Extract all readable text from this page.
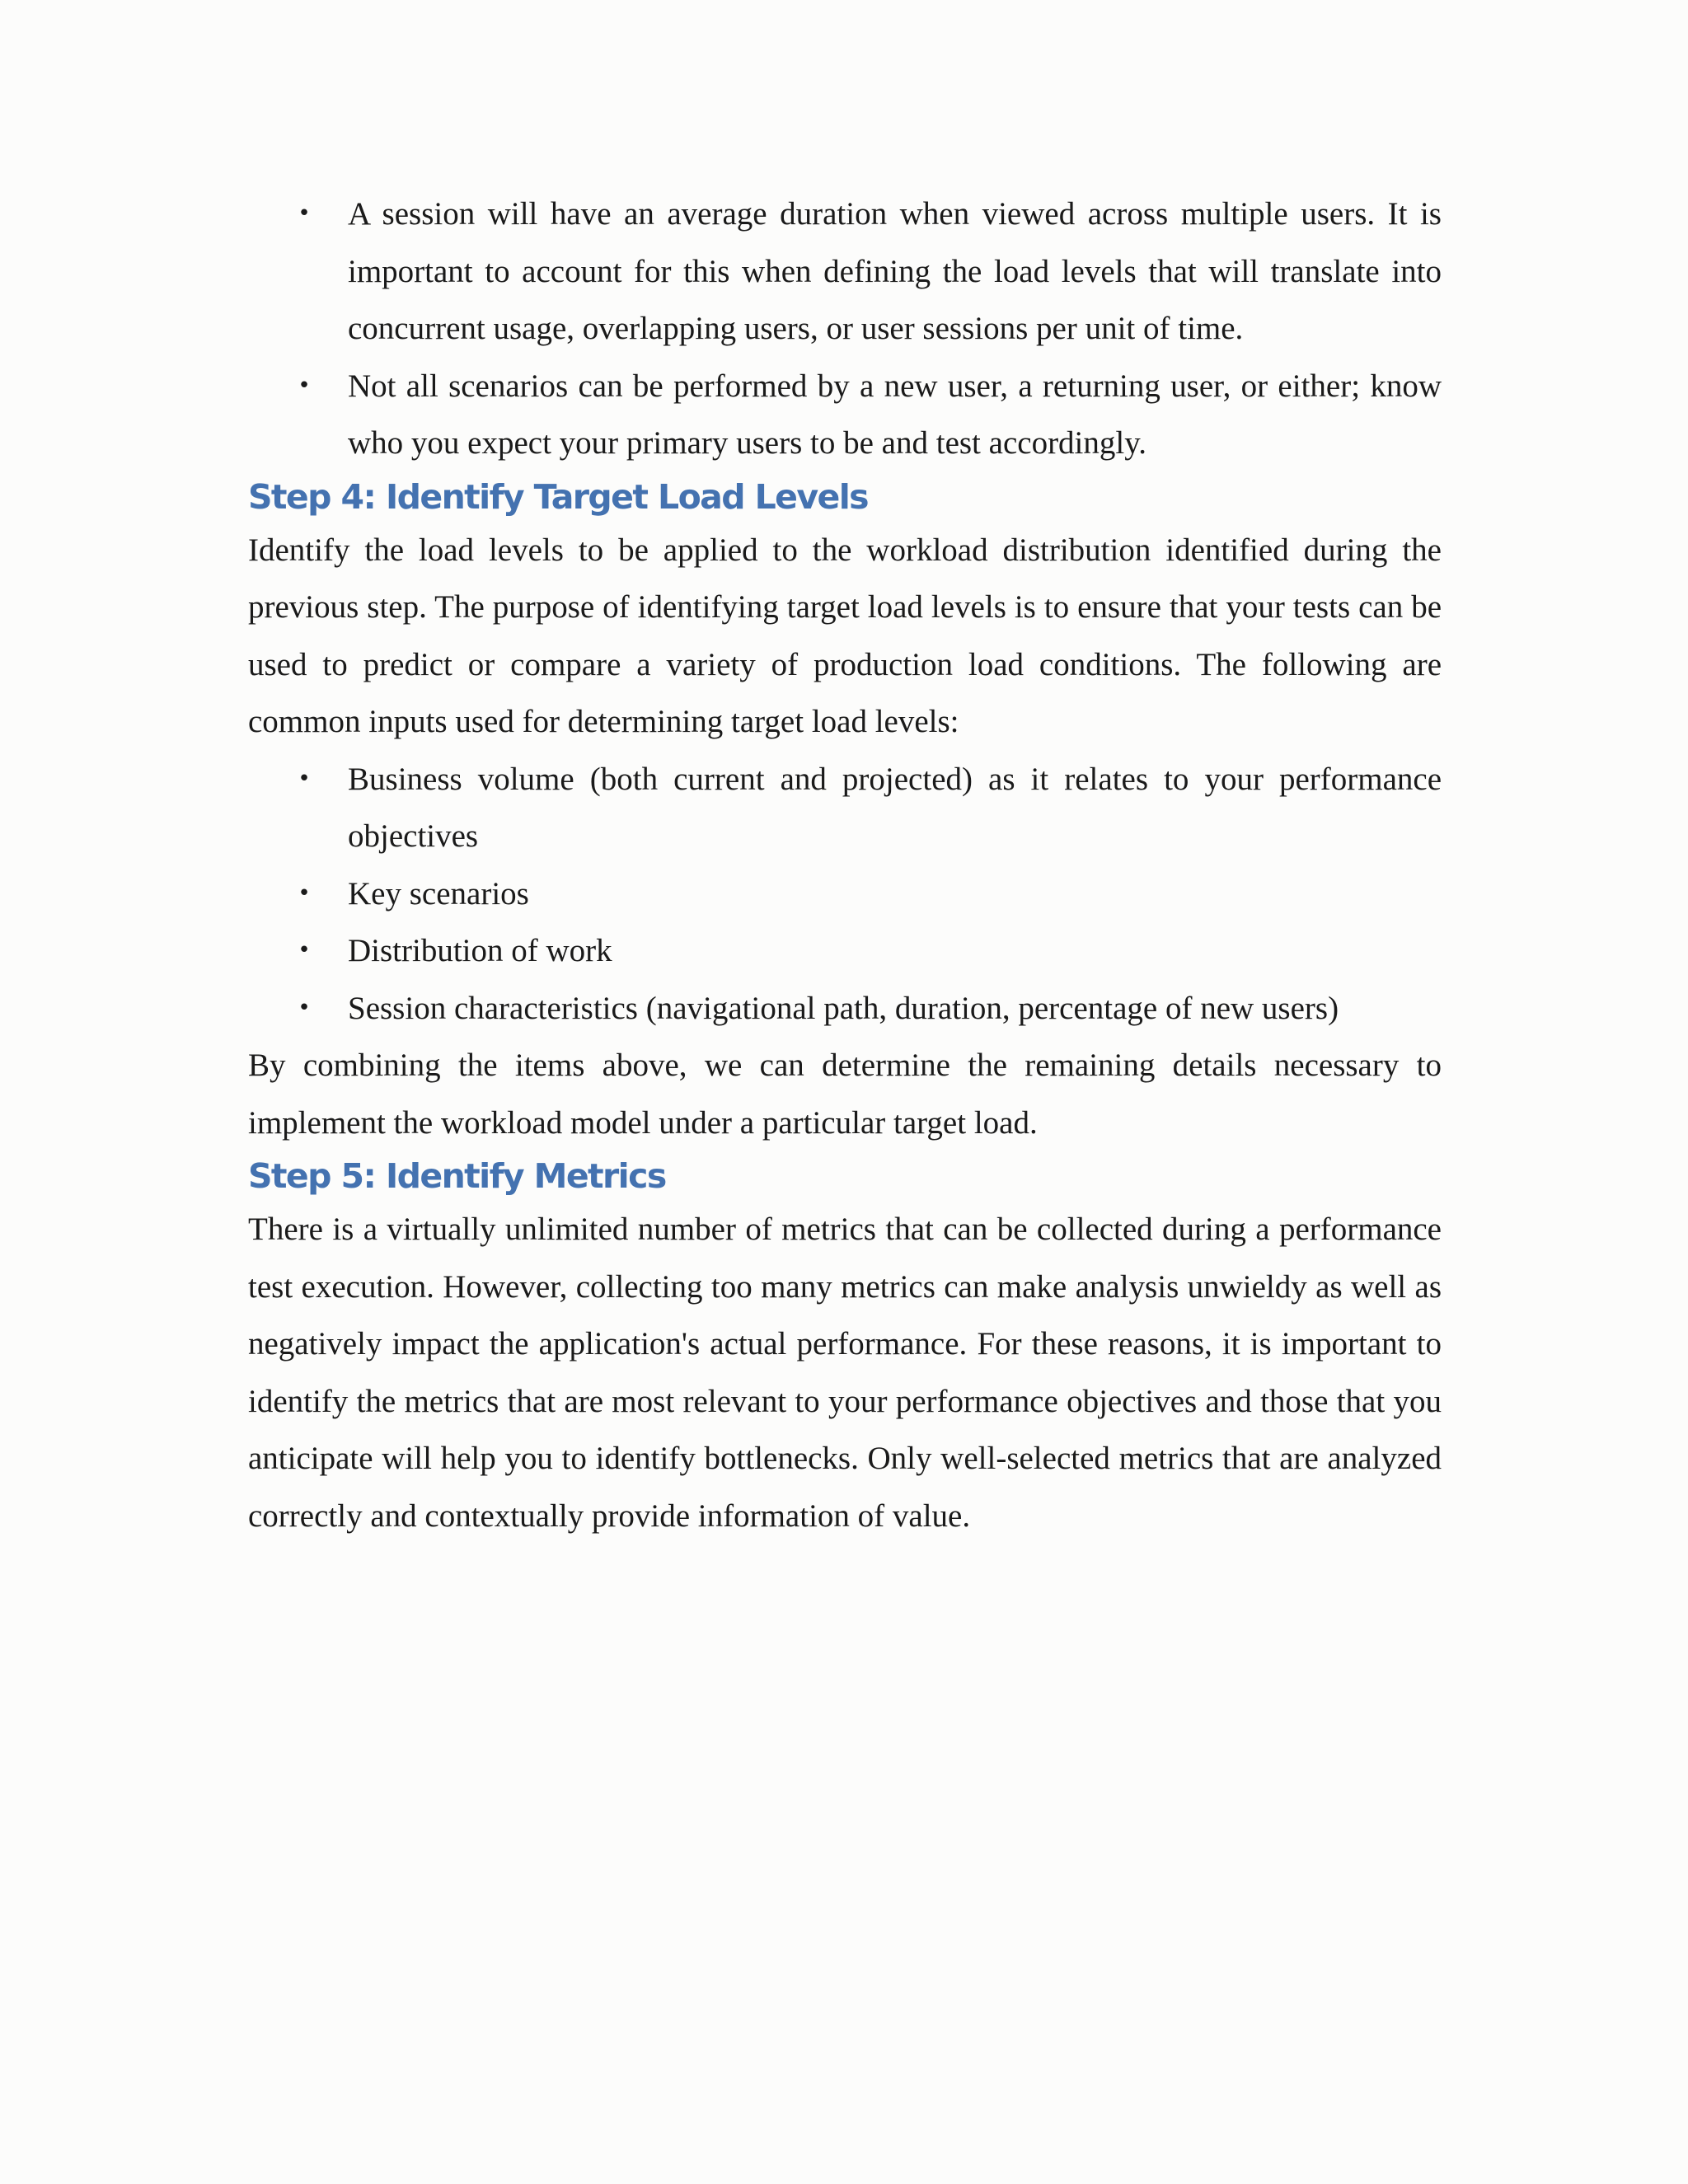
• A session will have an average duration when viewed across multiple users. It is important to account for this when defining the load levels that will translate into concurrent usage, overlapping users, or user sessions per unit of time.
• Not all scenarios can be performed by a new user, a returning user, or either; know who you expect your primary users to be and test accordingly.
Step 4: Identify Target Load Levels

Identify the load levels to be applied to the workload distribution identified during the previous step. The purpose of identifying target load levels is to ensure that your tests can be used to predict or compare a variety of production load conditions. The following are common inputs used for determining target load levels:

• Business volume (both current and projected) as it relates to your performance objectives
• Key scenarios
• Distribution of work
• Session characteristics (navigational path, duration, percentage of new users)

By combining the items above, we can determine the remaining details necessary to implement the workload model under a particular target load.

Step 5: Identify Metrics

There is a virtually unlimited number of metrics that can be collected during a performance test execution. However, collecting too many metrics can make analysis unwieldy as well as negatively impact the application's actual performance. For these reasons, it is important to identify the metrics that are most relevant to your performance objectives and those that you anticipate will help you to identify bottlenecks. Only well-selected metrics that are analyzed correctly and contextually provide information of value.
